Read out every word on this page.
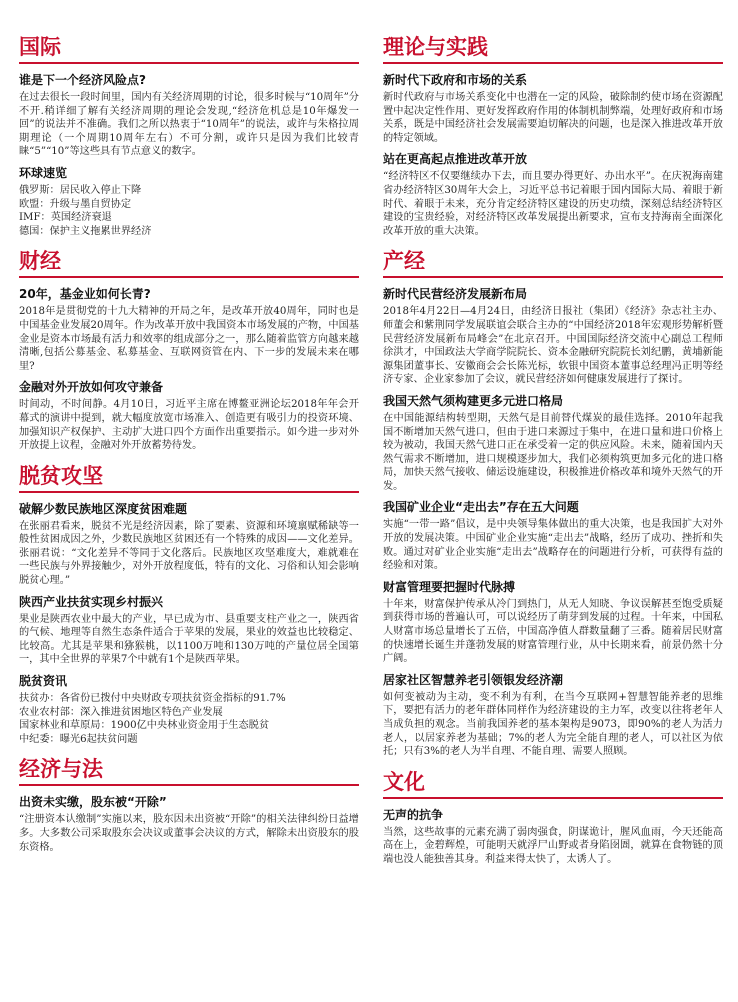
国际
谁是下一个经济风险点?

在过去很长一段时间里，国内有关经济周期的讨论，很多时候与“10周年”分不开.稍详细了解有关经济周期的理论会发现,“经济危机总是10年爆发一回”的说法并不准确。我们之所以热衷于“10周年”的说法，或许与朱格拉周期理论（一个周期10周年左右）不可分割，或许只是因为我们比较青睐“5”“10”等这些具有节点意义的数字。

环球速览
俄罗斯：居民收入停止下降
欧盟：升级与墨自贸协定
IMF：英国经济衰退
德国：保护主义拖累世界经济
财经
20年，基金业如何长青?

2018年是贯彻党的十九大精神的开局之年，是改革开放40周年，同时也是中国基金业发展20周年。作为改革开放中我国资本市场发展的产物，中国基金业是资本市场最有活力和效率的组成部分之一，那么随着监管方向越来越清晰,包括公募基金、私募基金、互联网资管在内、下一步的发展未来在哪里?

金融对外开放如何攻守兼备

时间动，不时间静。4月10日，习近平主席在博鳌亚洲论坛2018年年会开幕式的演讲中提到，就大幅度放宽市场准入、创造更有吸引力的投资环境、加强知识产权保护、主动扩大进口四个方面作出重要指示。如今进一步对外开放提上议程，金融对外开放蓄势待发。

脱贫攻坚
破解少数民族地区深度贫困难题

在张丽君看来，脱贫不光是经济因素，除了要素、资源和环境禀赋稀缺等一般性贫困成因之外，少数民族地区贫困还有一个特殊的成因——文化差异。张丽君说：“文化差异不等同于文化落后。民族地区攻坚难度大，难就难在一些民族与外界接触少，对外开放程度低，特有的文化、习俗和认知会影响脱贫心理。”

陕西产业扶贫实现乡村振兴

果业是陕西农业中最大的产业，早已成为市、县重要支柱产业之一，陕西省的气候、地理等自然生态条件适合于苹果的发展，果业的效益也比较稳定、比较高。尤其是苹果和猕猴桃，以1100万吨和130万吨的产量位居全国第一，其中全世界的苹果7个中就有1个是陕西苹果。

脱贫资讯
扶贫办：各省份已拨付中央财政专项扶贫资金指标的91.7%
农业农村部：深入推进贫困地区特色产业发展
国家林业和草原局：1900亿中央林业资金用于生态脱贫
中纪委：曝光6起扶贫问题
经济与法
出资未实缴，股东被“开除”

“注册资本认缴制”实施以来，股东因未出资被“开除”的相关法律纠纷日益增多。大多数公司采取股东会决议或董事会决议的方式，解除未出资股东的股东资格。

理论与实践
新时代下政府和市场的关系

新时代政府与市场关系变化中也潜在一定的风险，破除制约使市场在资源配置中起决定性作用、更好发挥政府作用的体制机制弊端，处理好政府和市场关系，既是中国经济社会发展需要迫切解决的问题，也是深入推进改革开放的特定领域。

站在更高起点推进改革开放

“经济特区不仅要继续办下去，而且要办得更好、办出水平”。在庆祝海南建省办经济特区30周年大会上，习近平总书记着眼于国内国际大局、着眼于新时代、着眼于未来，充分肯定经济特区建设的历史功绩，深刻总结经济特区建设的宝贵经验，对经济特区改革发展提出新要求，宣布支持海南全面深化改革开放的重大决策。

产经
新时代民营经济发展新布局

2018年4月22日—4月24日，由经济日报社（集团）《经济》杂志社主办、师董会和紫荆同学发展联谊会联合主办的“中国经济2018年宏观形势解析暨民营经济发展新布局峰会”在北京召开。中国国际经济交流中心副总工程师徐洪才，中国政法大学商学院院长、资本金融研究院院长刘纪鹏，黄埔新能源集团董事长、安徽商会会长陈光标，软银中国资本董事总经理冯正明等经济专家、企业家参加了会议，就民营经济如何健康发展进行了探讨。

我国天然气须构建更多元进口格局

在中国能源结构转型期，天然气是目前替代煤炭的最佳选择。2010年起我国不断增加天然气进口，但由于进口来源过于集中，在进口量和进口价格上较为被动，我国天然气进口正在承受着一定的供应风险。未来，随着国内天然气需求不断增加，进口规模逐步加大，我们必须构筑更加多元化的进口格局，加快天然气接收、储运设施建设，积极推进价格改革和境外天然气的开发。

我国矿业企业“走出去”存在五大问题

实施“一带一路”倡议，是中央领导集体做出的重大决策，也是我国扩大对外开放的发展决策。中国矿业企业实施“走出去”战略，经历了成功、挫折和失败。通过对矿业企业实施“走出去”战略存在的问题进行分析，可获得有益的经验和对策。

财富管理要把握时代脉搏

十年来，财富保护传承从冷门到热门，从无人知晓、争议误解甚至饱受质疑到获得市场的普遍认可，可以说经历了萌芽到发展的过程。十年来，中国私人财富市场总量增长了五倍，中国高净值人群数量翻了三番。随着居民财富的快速增长诞生并蓬勃发展的财富管理行业，从中长期来看，前景仍然十分广阔。

居家社区智慧养老引领银发经济潮

如何变被动为主动，变不利为有利，在当今互联网+智慧智能养老的思维下，要把有活力的老年群体同样作为经济建设的主力军，改变以往将老年人当成负担的观念。当前我国养老的基本架构是9073，即90%的老人为活力老人，以居家养老为基础；7%的老人为完全能自理的老人，可以社区为依托；只有3%的老人为半自理、不能自理、需要人照顾。

文化
无声的抗争

当然，这些故事的元素充满了弱肉强食，阴谋诡计，腥风血雨，今天还能高高在上，金碧辉煌，可能明天就浮尸山野或者身陷囹圄，就算在食物链的顶端也没人能独善其身。利益来得太快了，太诱人了。
